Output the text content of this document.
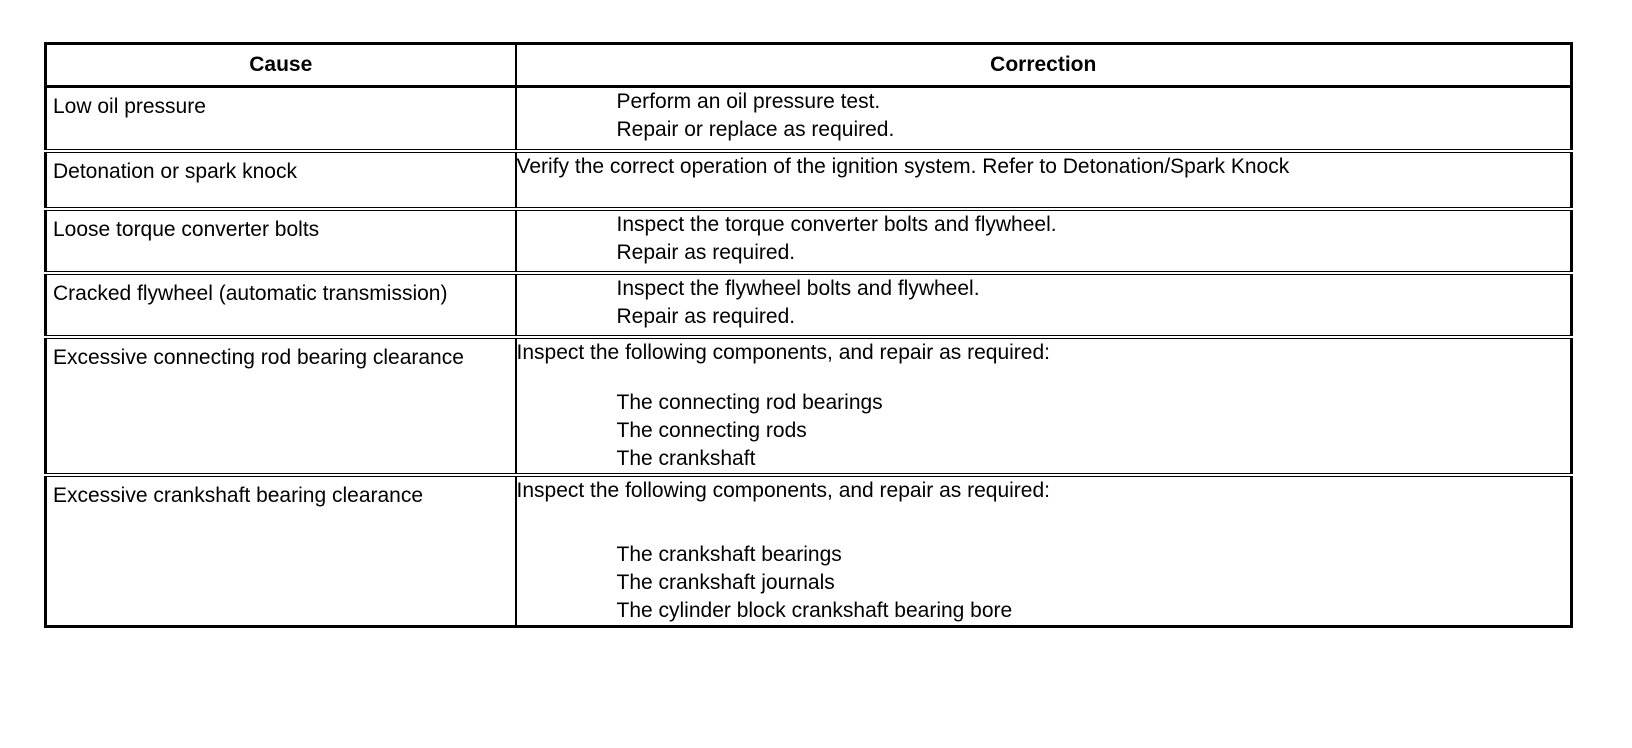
Cause	Correction

Low oil pressure	Perform an oil pressure test.
Repair or replace as required.

Detonation or spark knock	Verify the correct operation of the ignition system. Refer to Detonation/Spark Knock

Loose torque converter bolts	Inspect the torque converter bolts and flywheel.
Repair as required.

Cracked flywheel (automatic transmission)	Inspect the flywheel bolts and flywheel.
Repair as required.

Excessive connecting rod bearing clearance	Inspect the following components, and repair as required:
The connecting rod bearings
The connecting rods
The crankshaft

Excessive crankshaft bearing clearance	Inspect the following components, and repair as required:
The crankshaft bearings
The crankshaft journals
The cylinder block crankshaft bearing bore
